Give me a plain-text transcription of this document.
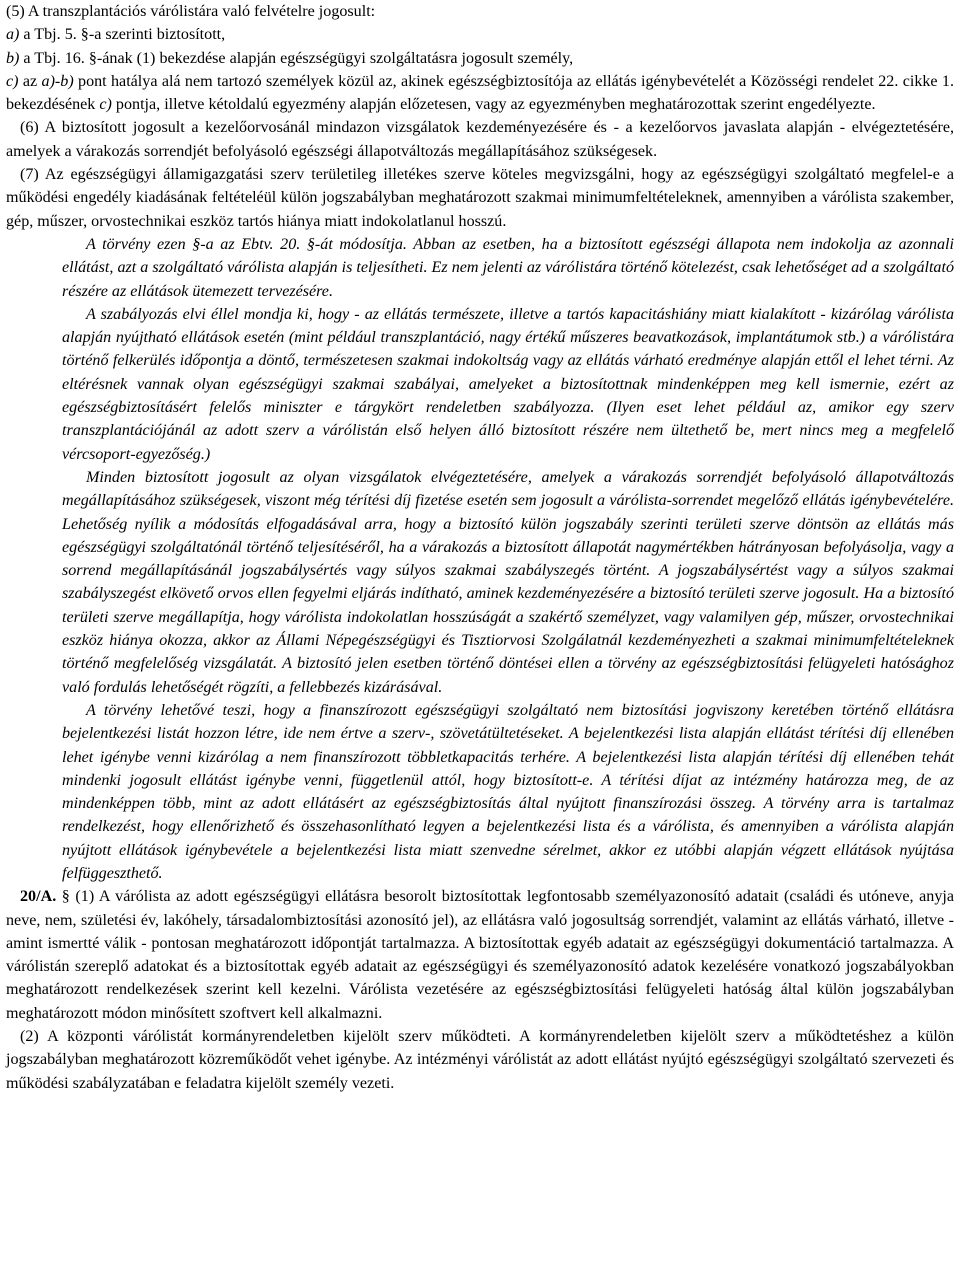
(5) A transzplantációs várólistára való felvételre jogosult:

a) a Tbj. 5. §-a szerinti biztosított,

b) a Tbj. 16. §-ának (1) bekezdése alapján egészségügyi szolgáltatásra jogosult személy,

c) az a)-b) pont hatálya alá nem tartozó személyek közül az, akinek egészségbiztosítója az ellátás igénybevételét a Közösségi rendelet 22. cikke 1. bekezdésének c) pontja, illetve kétoldalú egyezmény alapján előzetesen, vagy az egyezményben meghatározottak szerint engedélyezte.

(6) A biztosított jogosult a kezelőorvosánál mindazon vizsgálatok kezdeményezésére és - a kezelőorvos javaslata alapján - elvégeztetésére, amelyek a várakozás sorrendjét befolyásoló egészségi állapotváltozás megállapításához szükségesek.

(7) Az egészségügyi államigazgatási szerv területileg illetékes szerve köteles megvizsgálni, hogy az egészségügyi szolgáltató megfelel-e a működési engedély kiadásának feltételéül külön jogszabályban meghatározott szakmai minimumfeltételeknek, amennyiben a várólista szakember, gép, műszer, orvostechnikai eszköz tartós hiánya miatt indokolatlanul hosszú.

A törvény ezen §-a az Ebtv. 20. §-át módosítja. Abban az esetben, ha a biztosított egészségi állapota nem indokolja az azonnali ellátást, azt a szolgáltató várólista alapján is teljesítheti. Ez nem jelenti az várólistára történő kötelezést, csak lehetőséget ad a szolgáltató részére az ellátások ütemezett tervezésére.

A szabályozás elvi éllel mondja ki, hogy - az ellátás természete, illetve a tartós kapacitáshiány miatt kialakított - kizárólag várólista alapján nyújtható ellátások esetén (mint például transzplantáció, nagy értékű műszeres beavatkozások, implantátumok stb.) a várólistára történő felkerülés időpontja a döntő, természetesen szakmai indokoltság vagy az ellátás várható eredménye alapján ettől el lehet térni. Az eltérésnek vannak olyan egészségügyi szakmai szabályai, amelyeket a biztosítottnak mindenképpen meg kell ismernie, ezért az egészségbiztosításért felelős miniszter e tárgykört rendeletben szabályozza. (Ilyen eset lehet például az, amikor egy szerv transzplantációjánál az adott szerv a várólistán első helyen álló biztosított részére nem ültethető be, mert nincs meg a megfelelő vércsoport-egyezőség.)

Minden biztosított jogosult az olyan vizsgálatok elvégeztetésére, amelyek a várakozás sorrendjét befolyásoló állapotváltozás megállapításához szükségesek, viszont még térítési díj fizetése esetén sem jogosult a várólista-sorrendet megelőző ellátás igénybevételére. Lehetőség nyílik a módosítás elfogadásával arra, hogy a biztosító külön jogszabály szerinti területi szerve döntsön az ellátás más egészségügyi szolgáltatónál történő teljesítéséről, ha a várakozás a biztosított állapotát nagymértékben hátrányosan befolyásolja, vagy a sorrend megállapításánál jogszabálysértés vagy súlyos szakmai szabályszegés történt. A jogszabálysértést vagy a súlyos szakmai szabályszegést elkövető orvos ellen fegyelmi eljárás indítható, aminek kezdeményezésére a biztosító területi szerve jogosult. Ha a biztosító területi szerve megállapítja, hogy várólista indokolatlan hosszúságát a szakértő személyzet, vagy valamilyen gép, műszer, orvostechnikai eszköz hiánya okozza, akkor az Állami Népegészségügyi és Tisztiorvosi Szolgálatnál kezdeményezheti a szakmai minimumfeltételeknek történő megfelelőség vizsgálatát. A biztosító jelen esetben történő döntései ellen a törvény az egészségbiztosítási felügyeleti hatósághoz való fordulás lehetőségét rögzíti, a fellebbezés kizárásával.

A törvény lehetővé teszi, hogy a finanszírozott egészségügyi szolgáltató nem biztosítási jogviszony keretében történő ellátásra bejelentkezési listát hozzon létre, ide nem értve a szerv-, szövetátültetéseket. A bejelentkezési lista alapján ellátást térítési díj ellenében lehet igénybe venni kizárólag a nem finanszírozott többletkapacitás terhére. A bejelentkezési lista alapján térítési díj ellenében tehát mindenki jogosult ellátást igénybe venni, függetlenül attól, hogy biztosított-e. A térítési díjat az intézmény határozza meg, de az mindenképpen több, mint az adott ellátásért az egészségbiztosítás által nyújtott finanszírozási összeg. A törvény arra is tartalmaz rendelkezést, hogy ellenőrizhető és összehasonlítható legyen a bejelentkezési lista és a várólista, és amennyiben a várólista alapján nyújtott ellátások igénybevétele a bejelentkezési lista miatt szenvedne sérelmet, akkor ez utóbbi alapján végzett ellátások nyújtása felfüggeszthető.

20/A. § (1) A várólista az adott egészségügyi ellátásra besorolt biztosítottak legfontosabb személyazonosító adatait (családi és utóneve, anyja neve, nem, születési év, lakóhely, társadalombiztosítási azonosító jel), az ellátásra való jogosultság sorrendjét, valamint az ellátás várható, illetve - amint ismertté válik - pontosan meghatározott időpontját tartalmazza. A biztosítottak egyéb adatait az egészségügyi dokumentáció tartalmazza. A várólistán szereplő adatokat és a biztosítottak egyéb adatait az egészségügyi és személyazonosító adatok kezelésére vonatkozó jogszabályokban meghatározott rendelkezések szerint kell kezelni. Várólista vezetésére az egészségbiztosítási felügyeleti hatóság által külön jogszabályban meghatározott módon minősített szoftvert kell alkalmazni.

(2) A központi várólistát kormányrendeletben kijelölt szerv működteti. A kormányrendeletben kijelölt szerv a működtetéshez a külön jogszabályban meghatározott közreműködőt vehet igénybe. Az intézményi várólistát az adott ellátást nyújtó egészségügyi szolgáltató szervezeti és működési szabályzatában e feladatra kijelölt személy vezeti.
